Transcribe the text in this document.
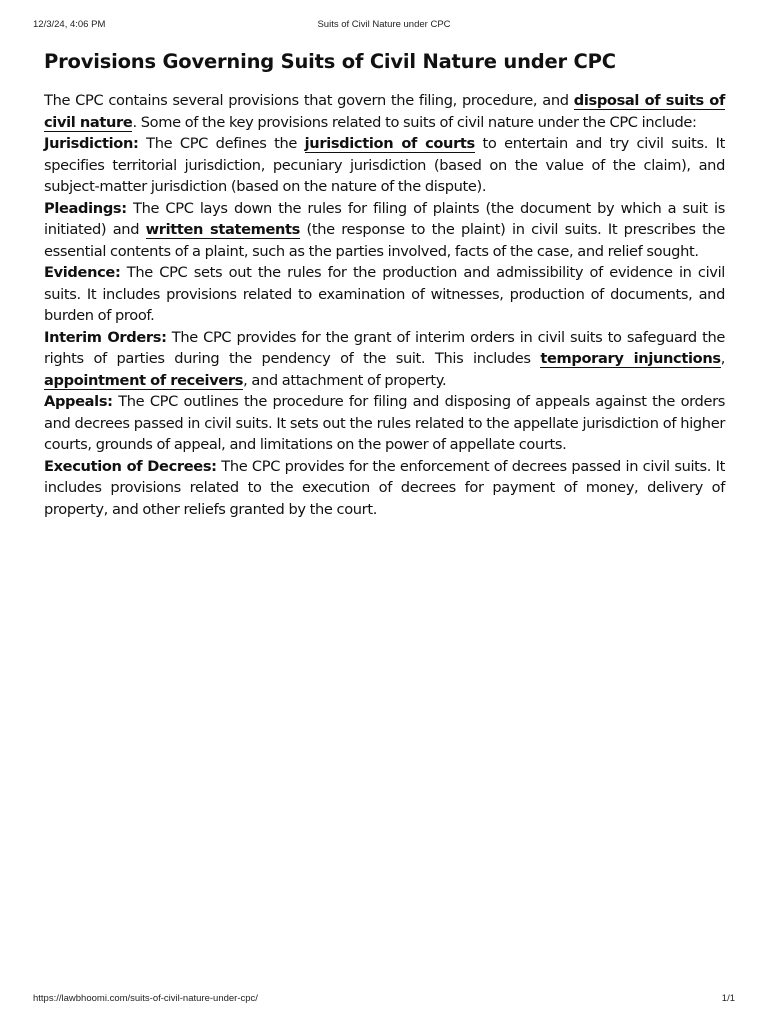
12/3/24, 4:06 PM	Suits of Civil Nature under CPC
Provisions Governing Suits of Civil Nature under CPC

The CPC contains several provisions that govern the filing, procedure, and disposal of suits of civil nature. Some of the key provisions related to suits of civil nature under the CPC include:

Jurisdiction: The CPC defines the jurisdiction of courts to entertain and try civil suits. It specifies territorial jurisdiction, pecuniary jurisdiction (based on the value of the claim), and subject-matter jurisdiction (based on the nature of the dispute).

Pleadings: The CPC lays down the rules for filing of plaints (the document by which a suit is initiated) and written statements (the response to the plaint) in civil suits. It prescribes the essential contents of a plaint, such as the parties involved, facts of the case, and relief sought.

Evidence: The CPC sets out the rules for the production and admissibility of evidence in civil suits. It includes provisions related to examination of witnesses, production of documents, and burden of proof.

Interim Orders: The CPC provides for the grant of interim orders in civil suits to safeguard the rights of parties during the pendency of the suit. This includes temporary injunctions, appointment of receivers, and attachment of property.

Appeals: The CPC outlines the procedure for filing and disposing of appeals against the orders and decrees passed in civil suits. It sets out the rules related to the appellate jurisdiction of higher courts, grounds of appeal, and limitations on the power of appellate courts.

Execution of Decrees: The CPC provides for the enforcement of decrees passed in civil suits. It includes provisions related to the execution of decrees for payment of money, delivery of property, and other reliefs granted by the court.

https://lawbhoomi.com/suits-of-civil-nature-under-cpc/	1/1
